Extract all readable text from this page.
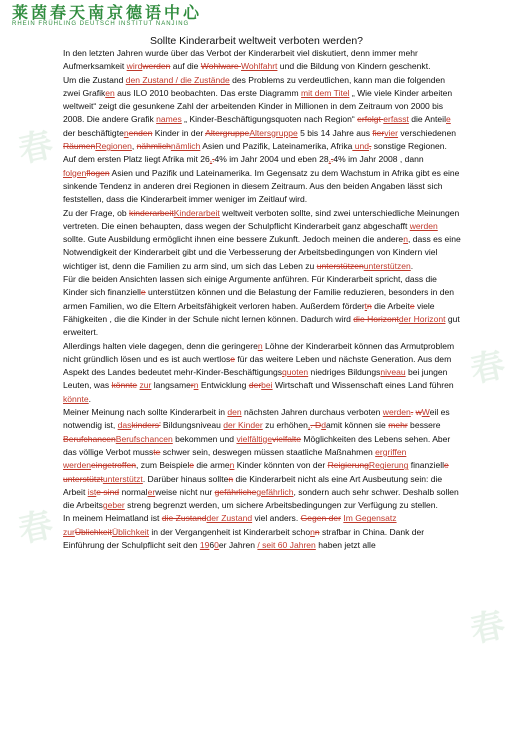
春
春
春
春
莱茵春天南京德语中心
RHEIN FRÜHLING DEUTSCH INSTITUT NANJING
Sollte Kinderarbeit weltweit verboten werden?

In den letzten Jahren wurde über das Verbot der Kinderarbeit viel diskutiert, denn immer mehr Aufmerksamkeit wirdwerden auf die Wohlware Wohlfahrt und die Bildung von Kindern geschenkt.

Um die Zustand den Zustand / die Zustände des Problems zu verdeutlichen, kann man die folgenden zwei Grafiken aus ILO 2010 beobachten. Das erste Diagramm mit dem Titel „ Wie viele Kinder arbeiten weltweit“ zeigt die gesunkene Zahl der arbeitenden Kinder in Millionen in dem Zeitraum von 2000 bis 2008. Die andere Grafik names „ Kinder-Beschäftigungsquoten nach Region“ erfolgt erfasst die Anteile der beschäftigtenenden Kinder in der AltergruppeAltersgruppe 5 bis 14 Jahre aus fiervier verschiedenen RäumenRegionen, nähmlichnämlich Asien und Pazifik, Lateinamerika, Afrika und, sonstige Regionen. Auf dem ersten Platz liegt Afrika mit 26,.4% im Jahr 2004 und eben 28,.4% im Jahr 2008 , dann folgenflogen Asien und Pazifik und Lateinamerika. Im Gegensatz zu dem Wachstum in Afrika gibt es eine sinkende Tendenz in anderen drei Regionen in diesem Zeitraum. Aus den beiden Angaben lässt sich feststellen, dass die Kinderarbeit immer weniger im Zeitlauf wird.

Zu der Frage, ob kinderarbeitKinderarbeit weltweit verboten sollte, sind zwei unterschiedliche Meinungen vertreten. Die einen behaupten, dass wegen der Schulpflicht Kinderarbeit ganz abgeschafft werden sollte. Gute Ausbildung ermöglicht ihnen eine bessere Zukunft. Jedoch meinen die anderen, dass es eine Notwendigkeit der Kinderarbeit gibt und die Verbesserung der Arbeitsbedingungen von Kindern viel wichtiger ist, denn die Familien zu arm sind, um sich das Leben zu unterstützenunterstützen.

Für die beiden Ansichten lassen sich einige Argumente anführen. Für Kinderarbeit spricht, dass die Kinder sich finanzielle unterstützen können und die Belastung der Familie reduzieren, besonders in den armen Familien, wo die Eltern Arbeitsfähigkeit verloren haben. Außerdem fördertn die Arbeite viele Fähigkeiten , die die Kinder in der Schule nicht lernen können. Dadurch wird die Horizontder Horizont gut erweitert.

Allerdings halten viele dagegen, denn die geringeren Löhne der Kinderarbeit können das Armutproblem nicht gründlich lösen und es ist auch wertlose für das weitere Leben und nächste Generation. Aus dem Aspekt des Landes bedeutet mehr-Kinder-Beschäftigungsquoten niedriges Bildungsniveau bei jungen Leuten, was könnte zur langsamern Entwicklung derbei Wirtschaft und Wissenschaft eines Land führen könnte.

Meiner Meinung nach sollte Kinderarbeit in den nächsten Jahren durchaus verboten werden. wWeil es notwendig ist, daskinders’ Bildungsniveau der Kinder zu erhöhen,. Ddamit können sie mehr bessere BerufchancenBerufschancen bekommen und vielfältigevielfalte Möglichkeiten des Lebens sehen. Aber das völlige Verbot musste schwer sein, deswegen müssen staatliche Maßnahmen ergriffen werdeneingetroffen, zum Beispiele die armen Kinder könnten von der ReigierungRegierung finanzielle unterstütztunterstützt. Darüber hinaus sollten die Kinderarbeit nicht als eine Art Ausbeutung sein: die Arbeit iste sind normalerweise nicht nur gefährlichegefährlich, sondern auch sehr schwer. Deshalb sollen die Arbeitsgeber streng begrenzt werden, um sichere Arbeitsbedingungen zur Verfügung zu stellen.

In meinem Heimatland ist die Zustandder Zustand viel anders. Gegen der Im Gegensatz zurÜblichkeitÜblichkeit in der Vergangenheit ist Kinderarbeit schonn strafbar in China. Dank der Einführung der Schulpflicht seit den 1960er Jahren / seit 60 Jahren haben jetzt alle
